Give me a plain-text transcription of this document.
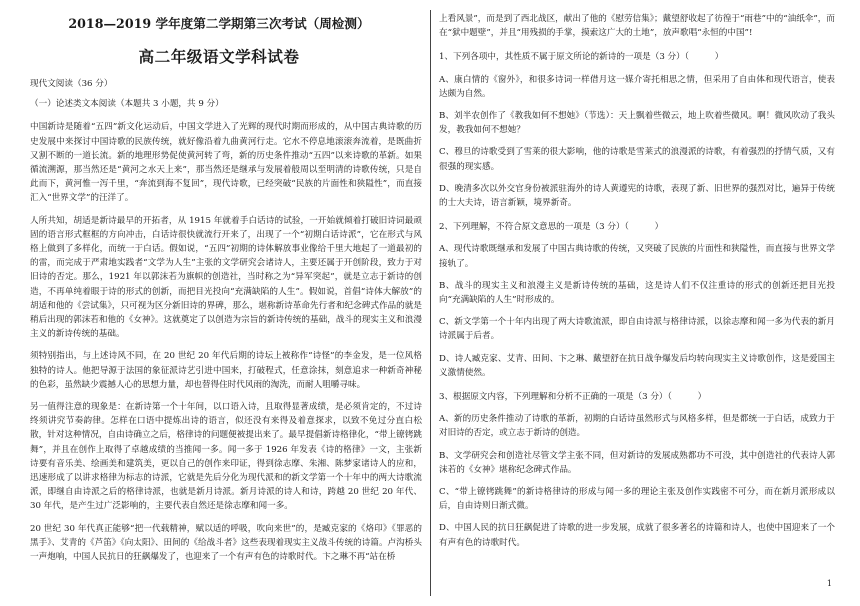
2018—2019 学年度第二学期第三次考试（周检测）
高二年级语文学科试卷

现代文阅读（36 分）

（一）论述类文本阅读（本题共 3 小题，共 9 分）

中国新诗是随着“五四”新文化运动后，中国文学进入了光辉的现代时期而形成的，从中国古典诗歌的历史发展中来探讨中国诗歌的民族传统，就好像沿着九曲黄河行走。它水不停息地滚滚奔流着，是既曲折又割不断的一道长流。新的地理形势促使黄河转了弯，新的历史条件推动“五四”以来诗歌的革新。如果循流溯源，那当然还是“黄河之水天上来”，那当然还是继承与发展着般周以至明清的诗歌传统，只是自此而下，黄河惟一泻千里，“奔流到海不复回”，现代诗歌，已经突破“民族的片面性和狭隘性”，而直接汇入“世界文学”的汪洋了。

人所共知，胡适是新诗最早的开拓者，从 1915 年就着手白话诗的试验，一开始就倾着打破旧诗词最顽固的语言形式框框的方向冲击，白话诗很快就流行开来了，出现了一个“初期白话诗派”，它在形式与风格上做到了多样化，而统一于白话。假如说，“五四”初期的诗体解放事业像给千里大地起了一道最初的的雷，而完成于严肃地实践者“文学为人生”主张的文学研究会诸诗人，主要还属于开创阶段，致力于对旧诗的否定。那么，1921 年以郭沫若为旗帜的创造社，当时称之为“异军突起”，就是立志于新诗的创造，不再单纯着眼于诗的形式的创新，而把目光投向“充满缺陷的人生”。假如说，首倡“诗体大解放”的胡适和他的《尝试集》，只可视为区分新旧诗的界碑，那么，堪称新诗革命先行者和纪念碑式作品的就是稍后出现的郭沫若和他的《女神》。这就奠定了以创造为宗旨的新诗传统的基础，战斗的现实主义和浪漫主义的新诗传统的基础。

须特别指出，与上述诗风不同，在 20 世纪 20 年代后期的诗坛上被称作“诗怪”的李金发，是一位风格独特的诗人。他把导源于法国的象征派诗艺引进中国来，打破程式，任意涂抹，刻意追求一种新奇神秘的色彩，虽然缺少震撼人心的思想力量，却也替得住时代风雨的淘洗，而耐人咀嚼寻味。

另一值得注意的现象是：在新诗第一个十年间，以口语入诗，且取得显著成绩，是必须肯定的，不过诗终须讲究节奏韵律。怎样在口语中提炼出诗的语言，似还没有来得及着意探求，以致不免过分直白松散，针对这种情况，自由诗确立之后，格律诗的问题便被提出来了。最早提倡新诗格律化，“带上镣铐跳舞”，并且在创作上取得了卓越成绩的当推闻一多。闻一多于 1926 年发表《诗的格律》一文，主张新诗要有音乐美、绘画美和建筑美，更以自己的创作来印证，得到徐志摩、朱湘、陈梦家诸诗人的应和，迅速形成了以讲求格律为标志的诗派，它就是先后分化为现代派和的新文学第一个十年中的两大诗歌流派，即继自由诗派之后的格律诗派，也就是新月诗派。新月诗派的诗人和诗，跨越 20 世纪 20 年代、30 年代，是产生过广泛影响的，主要代表自然还是徐志摩和闻一多。

20 世纪 30 年代真正能够“把一代载精神，赋以适的呼吸，吹向来世”的，是臧克家的《烙印》《罪恶的黑手》、艾青的《芦笛》《向太阳》、田间的《给战斗者》这些表现着现实主义战斗传统的诗篇。卢沟桥头一声炮响，中国人民抗日的狂飙爆发了，也迎来了一个有声有色的诗歌时代。卞之琳不再“站在桥

上看风景”，而是到了西北战区，献出了他的《慰劳信集》；戴望舒收起了彷徨于“雨巷”中的“油纸伞”，而在“狱中题壁”，并且“用残损的手掌，摸索这广大的土地”，放声歌唱“永恒的中国”!

1、下列各项中，其性质不属于原文所论的新诗的一项是（3 分）（　　　）

A、康白情的《窗外》，和很多诗词一样借月这一媒介寄托相思之情，但采用了自由体和现代语言，使表达颇为自然。

B、刘半农创作了《教我如何不想她》（节选）：天上飘着些微云，地上吹着些微风。啊！微风吹动了我头发，教我如何不想她？

C、穆旦的诗歌受到了雪莱的很大影响，他的诗歌是雪莱式的浪漫派的诗歌，有着强烈的抒情气质，又有很强的现实感。

D、晚清多次以外交官身份被派驻海外的诗人黄遵宪的诗歌，表现了新、旧世界的强烈对比，遍异于传统的士大夫诗，语言新颖，境界新奇。

2、下列理解，不符合原文意思的一项是（3 分）（　　　）

A、现代诗歌既继承和发展了中国古典诗歌的传统，又突破了民族的片面性和狭隘性，而直接与世界文学接轨了。

B、战斗的现实主义和浪漫主义是新诗传统的基础，这是诗人们不仅注重诗的形式的创新还把目光投向“充满缺陷的人生”时形成的。

C、新文学第一个十年内出现了两大诗歌流派，即自由诗派与格律诗派，以徐志摩和闻一多为代表的新月诗派属于后者。

D、诗人臧克家、艾青、田间、卞之琳、戴望舒在抗日战争爆发后均转向现实主义诗歌创作，这是爱国主义激情使然。

3、根据原文内容，下列理解和分析不正确的一项是（3 分）（　　　）

A、新的历史条件推动了诗歌的革新，初期的白话诗虽然形式与风格多样，但是都统一于白话，成致力于对旧诗的否定，或立志于新诗的创造。

B、文学研究会和创造社尽管文学主张不同，但对新诗的发展成熟都功不可没，其中创造社的代表诗人郭沫若的《女神》堪称纪念碑式作品。

C、“带上镣铐跳舞”的新诗格律诗的形成与闻一多的理论主张及创作实践密不可分，而在新月派形成以后，自由诗则日渐式微。

D、中国人民的抗日狂飙促进了诗歌的进一步发展，成就了很多著名的诗篇和诗人，也使中国迎来了一个有声有色的诗歌时代。

1
